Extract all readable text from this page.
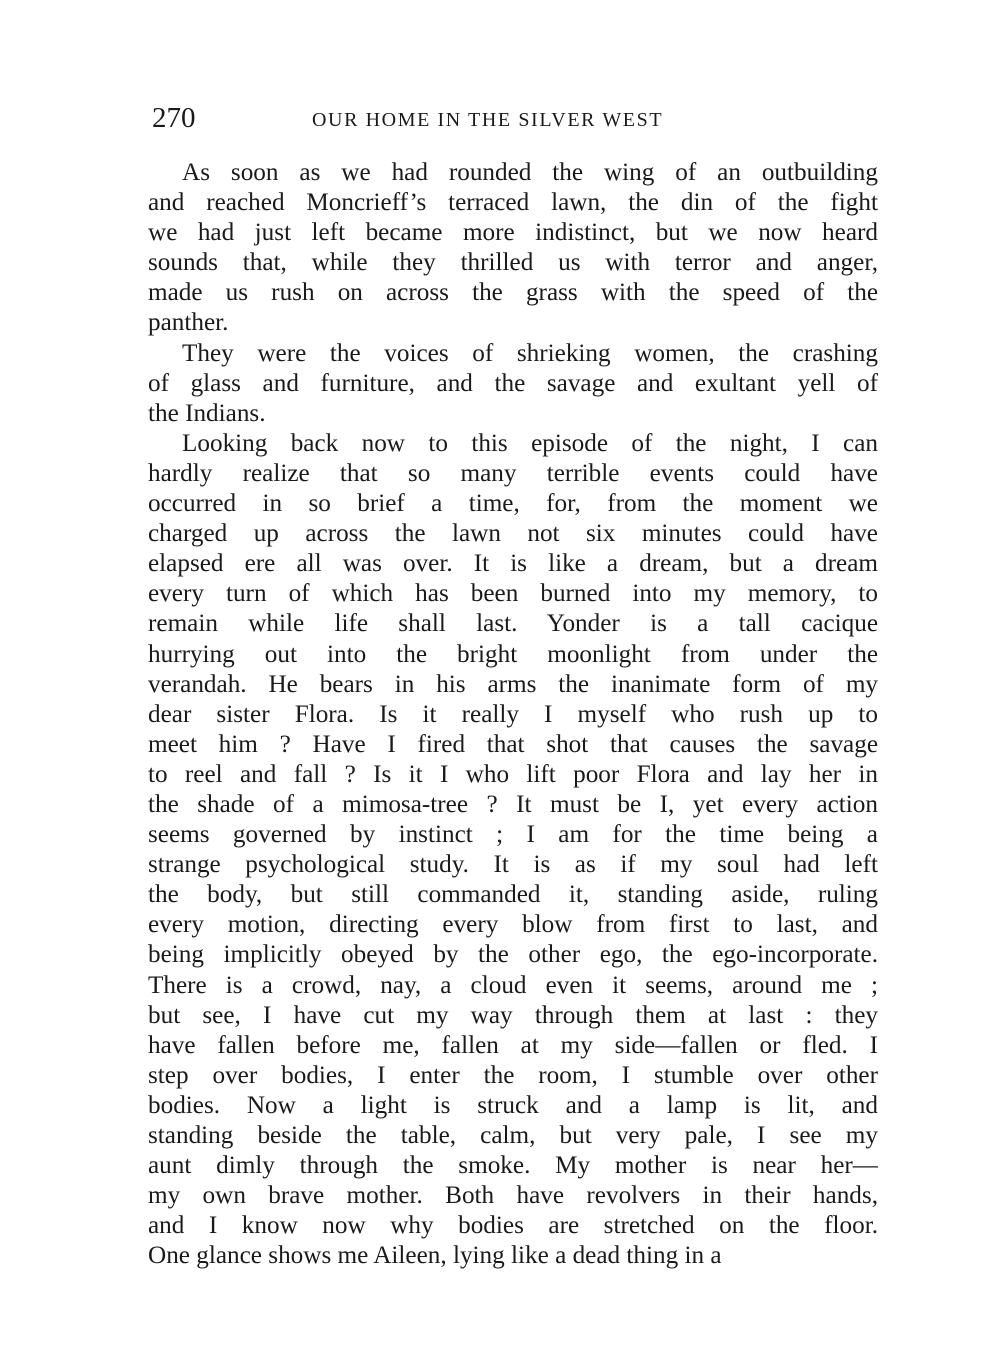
270	OUR HOME IN THE SILVER WEST

As soon as we had rounded the wing of an outbuilding
and reached Moncrieff’s terraced lawn, the din of the fight
we had just left became more indistinct, but we now heard
sounds that, while they thrilled us with terror and anger,
made us rush on across the grass with the speed of the
panther.

They were the voices of shrieking women, the crashing
of glass and furniture, and the savage and exultant yell of
the Indians.

Looking back now to this episode of the night, I can
hardly realize that so many terrible events could have
occurred in so brief a time, for, from the moment we
charged up across the lawn not six minutes could have
elapsed ere all was over. It is like a dream, but a dream
every turn of which has been burned into my memory, to
remain while life shall last. Yonder is a tall cacique
hurrying out into the bright moonlight from under the
verandah. He bears in his arms the inanimate form of my
dear sister Flora. Is it really I myself who rush up to
meet him ? Have I fired that shot that causes the savage
to reel and fall ? Is it I who lift poor Flora and lay her in
the shade of a mimosa-tree ? It must be I, yet every action
seems governed by instinct ; I am for the time being a
strange psychological study. It is as if my soul had left
the body, but still commanded it, standing aside, ruling
every motion, directing every blow from first to last, and
being implicitly obeyed by the other ego, the ego-incorporate.
There is a crowd, nay, a cloud even it seems, around me ;
but see, I have cut my way through them at last : they
have fallen before me, fallen at my side—fallen or fled. I
step over bodies, I enter the room, I stumble over other
bodies. Now a light is struck and a lamp is lit, and
standing beside the table, calm, but very pale, I see my
aunt dimly through the smoke. My mother is near her—
my own brave mother. Both have revolvers in their hands,
and I know now why bodies are stretched on the floor.
One glance shows me Aileen, lying like a dead thing in a
